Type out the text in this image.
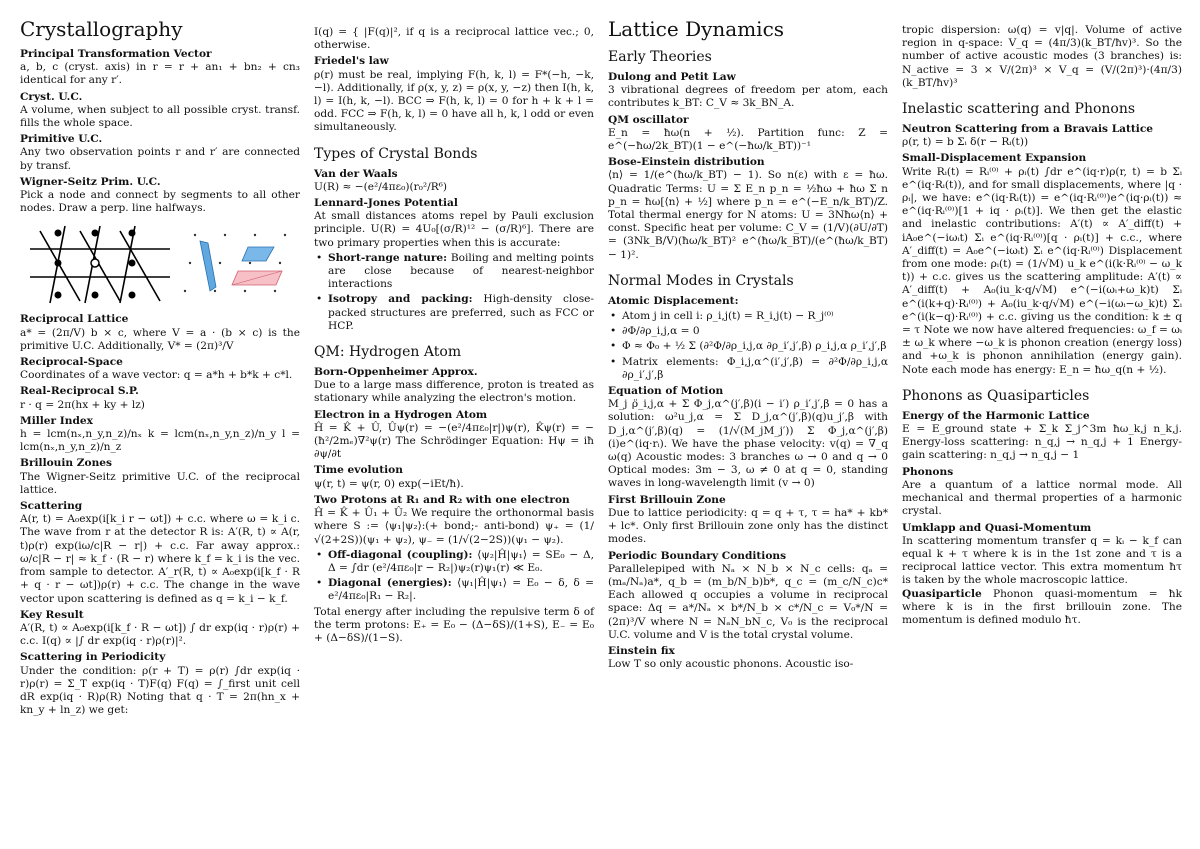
Crystallography
Principal Transformation Vector
a, b, c (cryst. axis) in r = r + an₁ + bn₂ + cn₃ identical for any r′.
Cryst. U.C.
A volume, when subject to all possible cryst. transf. fills the whole space.
Primitive U.C.
Any two observation points r and r′ are connected by transf.
Wigner-Seitz Prim. U.C.
Pick a node and connect by segments to all other nodes. Draw a perp. line halfways.
Reciprocal Lattice
a* = (2π/V) b × c, where V = a · (b × c) is the primitive U.C. Additionally, V* = (2π)³/V
Reciprocal-Space
Coordinates of a wave vector: q = a*h + b*k + c*l.
Real-Reciprocal S.P.
r · q = 2π(hx + ky + lz)
Miller Index
h = lcm(nₓ,n_y,n_z)/nₓ k = lcm(nₓ,n_y,n_z)/n_y l = lcm(nₓ,n_y,n_z)/n_z
Brillouin Zones
The Wigner-Seitz primitive U.C. of the reciprocal lattice.
Scattering
A(r, t) = A₀exp(i[k_i r − ωt]) + c.c. where ω = k_i c. The wave from r at the detector R is: A′(R, t) ∝ A(r, t)ρ(r) exp(iω/c|R − r|) + c.c. Far away approx.: ω/c|R − r| ≈ k_f · (R − r) where k_f = k_i is the vec. from sample to detector. A′_r(R, t) ∝ A₀exp(i[k_f · R + q · r − ωt])ρ(r) + c.c. The change in the wave vector upon scattering is defined as q = k_i − k_f.
Key Result
A′(R, t) ∝ A₀exp(i[k_f · R − ωt]) ∫ dr exp(iq · r)ρ(r) + c.c. I(q) ∝ |∫ dr exp(iq · r)ρ(r)|².
Scattering in Periodicity
Under the condition: ρ(r + T) = ρ(r) ∫dr exp(iq · r)ρ(r) = Σ_T exp(iq · T)F(q) F(q) = ∫_first unit cell dR exp(iq · R)ρ(R) Noting that q · T = 2π(hn_x + kn_y + ln_z) we get:
I(q) = { |F(q)|², if q is a reciprocal lattice vec.; 0, otherwise.
Friedel's law
ρ(r) must be real, implying F(h, k, l) = F*(−h, −k, −l). Additionally, if ρ(x, y, z) = ρ(x, y, −z) then I(h, k, l) = I(h, k, −l). BCC ⇒ F(h, k, l) = 0 for h + k + l = odd. FCC ⇒ F(h, k, l) = 0 have all h, k, l odd or even simultaneously.
Types of Crystal Bonds
Van der Waals
U(R) ≈ −(e²/4πε₀)(r₀²/R⁶)
Lennard-Jones Potential
At small distances atoms repel by Pauli exclusion principle. U(R) = 4U₀[(σ/R)¹² − (σ/R)⁶]. There are two primary properties when this is accurate:
• Short-range nature: Boiling and melting points are close because of nearest-neighbor interactions
• Isotropy and packing: High-density close-packed structures are preferred, such as FCC or HCP.
QM: Hydrogen Atom
Born-Oppenheimer Approx.
Due to a large mass difference, proton is treated as stationary while analyzing the electron's motion.
Electron in a Hydrogen Atom
Ĥ = K̂ + Û, Ûψ(r) = −(e²/4πε₀|r|)ψ(r), K̂ψ(r) = −(ħ²/2mₑ)∇²ψ(r) The Schrödinger Equation: Hψ = iħ ∂ψ/∂t
Time evolution
ψ(r, t) = ψ(r, 0) exp(−iEt/ħ).
Two Protons at R₁ and R₂ with one electron
Ĥ = K̂ + Û₁ + Û₂ We require the orthonormal basis where S := ⟨ψ₁|ψ₂⟩:(+ bond;- anti-bond) ψ₊ = (1/√(2+2S))(ψ₁ + ψ₂), ψ₋ = (1/√(2−2S))(ψ₁ − ψ₂).
• Off-diagonal (coupling): ⟨ψ₂|Ĥ|ψ₁⟩ = SE₀ − Δ, Δ = ∫dr (e²/4πε₀|r − R₂|)ψ₂(r)ψ₁(r) ≪ E₀.
• Diagonal (energies): ⟨ψ₁|Ĥ|ψ₁⟩ = E₀ − δ, δ = e²/4πε₀|R₁ − R₂|.
Total energy after including the repulsive term δ of the term protons: E₊ = E₀ − (Δ−δS)/(1+S), E₋ = E₀ + (Δ−δS)/(1−S).
Lattice Dynamics
Early Theories
Dulong and Petit Law
3 vibrational degrees of freedom per atom, each contributes k_BT: C_V ≈ 3k_BN_A.
QM oscillator
E_n = ħω(n + ½). Partition func: Z = e^(−ħω/2k_BT)(1 − e^(−ħω/k_BT))⁻¹
Bose-Einstein distribution
⟨n⟩ = 1/(e^(ħω/k_BT) − 1). So n(ε) with ε = ħω. Quadratic Terms: U = Σ E_n p_n = ½ħω + ħω Σ n p_n = ħω[⟨n⟩ + ½] where p_n = e^(−E_n/k_BT)/Z. Total thermal energy for N atoms: U = 3Nħω⟨n⟩ + const. Specific heat per volume: C_V = (1/V)(∂U/∂T) = (3Nk_B/V)(ħω/k_BT)² e^(ħω/k_BT)/(e^(ħω/k_BT) − 1)².
Normal Modes in Crystals
Atomic Displacement:
• Atom j in cell i: ρ_i,j(t) = R_i,j(t) − R_j⁽⁰⁾
• ∂Φ/∂ρ_i,j,α = 0
• Φ ≈ Φ₀ + ½ Σ (∂²Φ/∂ρ_i,j,α ∂ρ_i′,j′,β) ρ_i,j,α ρ_i′,j′,β
• Matrix elements: Φ_i,j,α^(i′,j′,β) = ∂²Φ/∂ρ_i,j,α ∂ρ_i′,j′,β
Equation of Motion
M_j ρ̈_i,j,α + Σ Φ_j,α^(j′,β)(i − i′) ρ_i′,j′,β = 0 has a solution: ω²u_j,α = Σ D_j,α^(j′,β)(q)u_j′,β with D_j,α^(j′,β)(q) = (1/√(M_jM_j′)) Σ Φ_j,α^(j′,β)(i)e^(iq·rᵢ). We have the phase velocity: v(q) = ∇_q ω(q) Acoustic modes: 3 branches ω → 0 and q → 0 Optical modes: 3m − 3, ω ≠ 0 at q = 0, standing waves in long-wavelength limit (v → 0)
First Brillouin Zone
Due to lattice periodicity: q = q + τ, τ = ha* + kb* + lc*. Only first Brillouin zone only has the distinct modes.
Periodic Boundary Conditions
Parallelepiped with Nₐ × N_b × N_c cells: qₐ = (mₐ/Nₐ)a*, q_b = (m_b/N_b)b*, q_c = (m_c/N_c)c* Each allowed q occupies a volume in reciprocal space: Δq = a*/Nₐ × b*/N_b × c*/N_c = V₀*/N = (2π)³/V where N = NₐN_bN_c, V₀ is the reciprocal U.C. volume and V is the total crystal volume.
Einstein fix
Low T so only acoustic phonons. Acoustic iso-
tropic dispersion: ω(q) = v|q|. Volume of active region in q-space: V_q = (4π/3)(k_BT/ħv)³. So the number of active acoustic modes (3 branches) is: N_active = 3 × V/(2π)³ × V_q = (V/(2π)³)·(4π/3)(k_BT/ħv)³
Inelastic scattering and Phonons
Neutron Scattering from a Bravais Lattice
ρ(r, t) = b Σᵢ δ(r − Rᵢ(t))
Small-Displacement Expansion
Write Rᵢ(t) = Rᵢ⁽⁰⁾ + ρᵢ(t) ∫dr e^(iq·r)ρ(r, t) = b Σᵢ e^(iq·Rᵢ(t)), and for small displacements, where |q · ρᵢ|, we have: e^(iq·Rᵢ(t)) = e^(iq·Rᵢ⁽⁰⁾)e^(iq·ρᵢ(t)) ≈ e^(iq·Rᵢ⁽⁰⁾)[1 + iq · ρᵢ(t)]. We then get the elastic and inelastic contributions: A′(t) ∝ A′_diff(t) + iA₀e^(−iωᵢt) Σᵢ e^(iq·Rᵢ⁽⁰⁾)[q · ρᵢ(t)] + c.c., where A′_diff(t) = A₀e^(−iωᵢt) Σᵢ e^(iq·Rᵢ⁽⁰⁾) Displacement from one mode: ρᵢ(t) = (1/√M) u_k e^(i(k·Rᵢ⁽⁰⁾ − ω_k t)) + c.c. gives us the scattering amplitude: A′(t) ∝ A′_diff(t) + A₀(iu_k·q/√M) e^(−i(ωᵢ+ω_k)t) Σᵢ e^(i(k+q)·Rᵢ⁽⁰⁾) + A₀(iu_k·q/√M) e^(−i(ωᵢ−ω_k)t) Σᵢ e^(i(k−q)·Rᵢ⁽⁰⁾) + c.c. giving us the condition: k ± q = τ Note we now have altered frequencies: ω_f = ωᵢ ± ω_k where −ω_k is phonon creation (energy loss) and +ω_k is phonon annihilation (energy gain). Note each mode has energy: E_n = ħω_q(n + ½).
Phonons as Quasiparticles
Energy of the Harmonic Lattice
E = E_ground state + Σ_k Σ_j^3m ħω_k,j n_k,j. Energy-loss scattering: n_q,j → n_q,j + 1 Energy-gain scattering: n_q,j → n_q,j − 1
Phonons
Are a quantum of a lattice normal mode. All mechanical and thermal properties of a harmonic crystal.
Umklapp and Quasi-Momentum
In scattering momentum transfer q = kᵢ − k_f can equal k + τ where k is in the 1st zone and τ is a reciprocal lattice vector. This extra momentum ħτ is taken by the whole macroscopic lattice.
Quasiparticle Phonon quasi-momentum = ħk where k is in the first brillouin zone. The momentum is defined modulo ħτ.
